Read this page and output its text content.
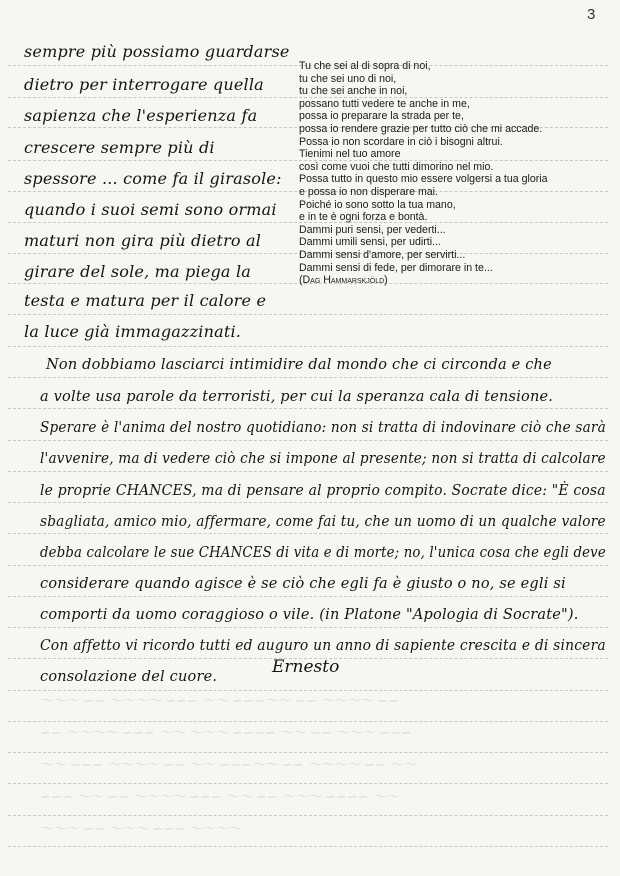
〜〜〜 ∽∽ 〜〜〜〜 ∽∽∽ 〜〜 ∽∽∽〜〜 ∽∽ 〜〜〜〜 ∽∽
∽∽ 〜〜〜〜 ∽∽∽ 〜〜 〜〜〜 ∽∽∽∽ 〜〜 ∽∽ 〜〜〜 ∽∽∽
〜〜 ∽∽∽ 〜〜〜〜 ∽∽ 〜〜 ∽∽∽〜〜 ∽∽ 〜〜〜〜 ∽∽ 〜〜
∽∽∽ 〜〜 ∽∽ 〜〜〜〜 ∽∽∽ 〜〜 ∽∽ 〜〜〜 ∽∽∽∽ 〜〜
〜〜〜 ∽∽ 〜〜〜 ∽∽∽ 〜〜〜〜
3
sempre più possiamo guardarse
dietro per interrogare quella
sapienza che l'esperienza fa
crescere sempre più di
spessore ... come fa il girasole:
quando i suoi semi sono ormai
maturi non gira più dietro al
girare del sole, ma piega la
testa e matura per il calore e
la luce già immagazzinati.
Tu che sei al di sopra di noi,
tu che sei uno di noi,
tu che sei anche in noi,
possano tutti vedere te anche in me,
possa io preparare la strada per te,
possa io rendere grazie per tutto ciò che mi accade.
Possa io non scordare in ciò i bisogni altrui.
Tienimi nel tuo amore
così come vuoi che tutti dimorino nel mio.
Possa tutto in questo mio essere volgersi a tua gloria
e possa io non disperare mai.
Poiché io sono sotto la tua mano,
e in te è ogni forza e bontà.
Dammi puri sensi, per vederti...
Dammi umili sensi, per udirti...
Dammi sensi d'amore, per servirti...
Dammi sensi di fede, per dimorare in te...
(Dag Hammarskjöld)
Non dobbiamo lasciarci intimidire dal mondo che ci circonda e che
a volte usa parole da terroristi, per cui la speranza cala di tensione.
Sperare è l'anima del nostro quotidiano: non si tratta di indovinare ciò che sarà
l'avvenire, ma di vedere ciò che si impone al presente; non si tratta di calcolare
le proprie CHANCES, ma di pensare al proprio compito. Socrate dice: "È cosa
sbagliata, amico mio, affermare, come fai tu, che un uomo di un qualche valore
debba calcolare le sue CHANCES di vita e di morte; no, l'unica cosa che egli deve
considerare quando agisce è se ciò che egli fa è giusto o no, se egli si
comporti da uomo coraggioso o vile. (in Platone "Apologia di Socrate").
Con affetto vi ricordo tutti ed auguro un anno di sapiente crescita e di sincera
consolazione del cuore.	Ernesto
